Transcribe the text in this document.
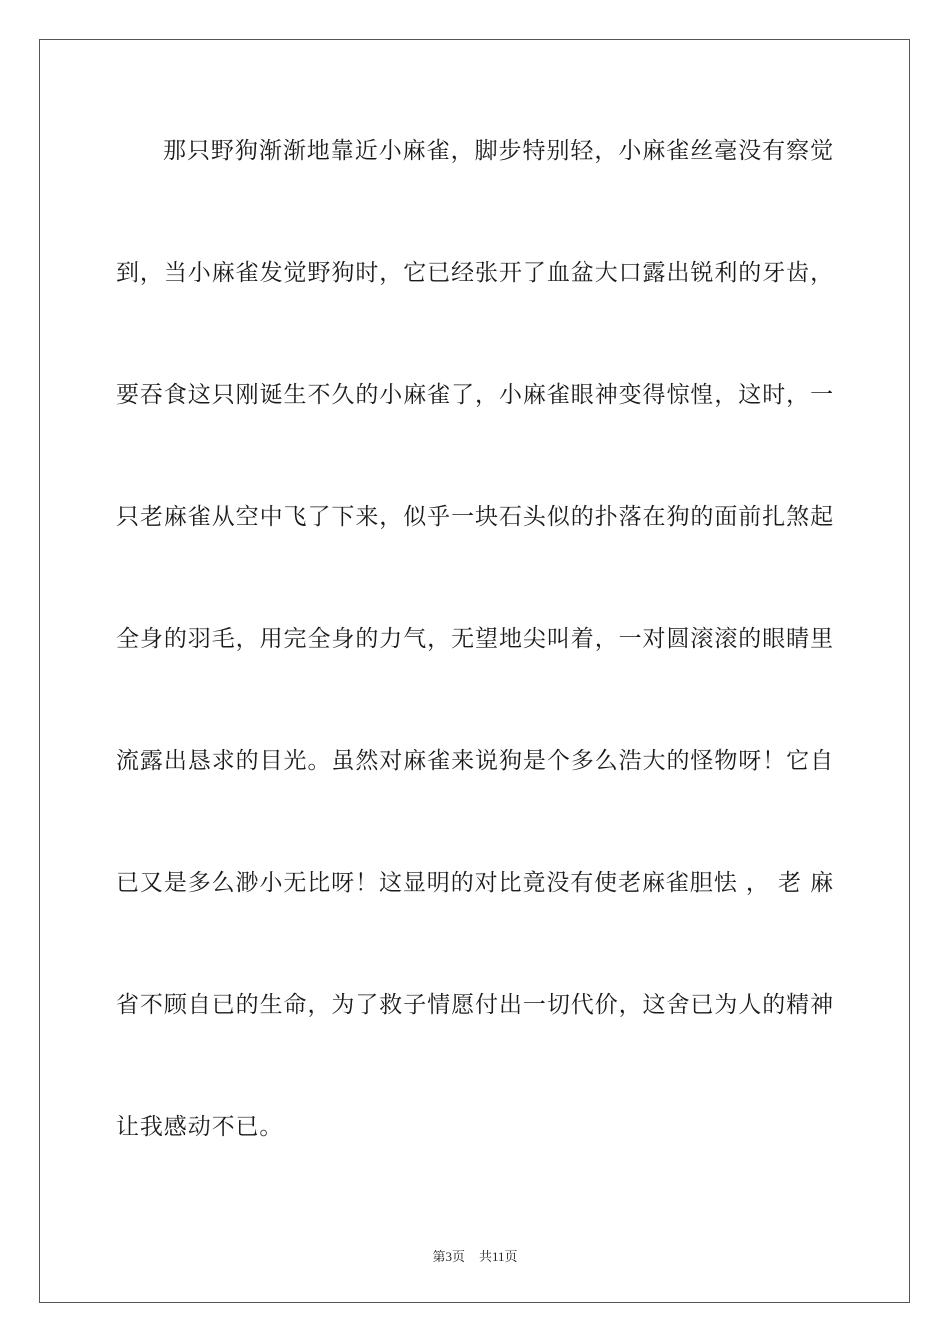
那只野狗渐渐地靠近小麻雀，脚步特别轻，小麻雀丝毫没有察觉
到，当小麻雀发觉野狗时，它已经张开了血盆大口露出锐利的牙齿，
要吞食这只刚诞生不久的小麻雀了，小麻雀眼神变得惊惶，这时，一
只老麻雀从空中飞了下来，似乎一块石头似的扑落在狗的面前扎煞起
全身的羽毛，用完全身的力气，无望地尖叫着，一对圆滚滚的眼睛里
流露出恳求的目光。虽然对麻雀来说狗是个多么浩大的怪物呀！它自
已又是多么渺小无比呀！这显明的对比竟没有使老麻雀胆怯 ， 老 麻
省不顾自已的生命，为了救子情愿付出一切代价，这舍已为人的精神
让我感动不已。
第3页 共11页
